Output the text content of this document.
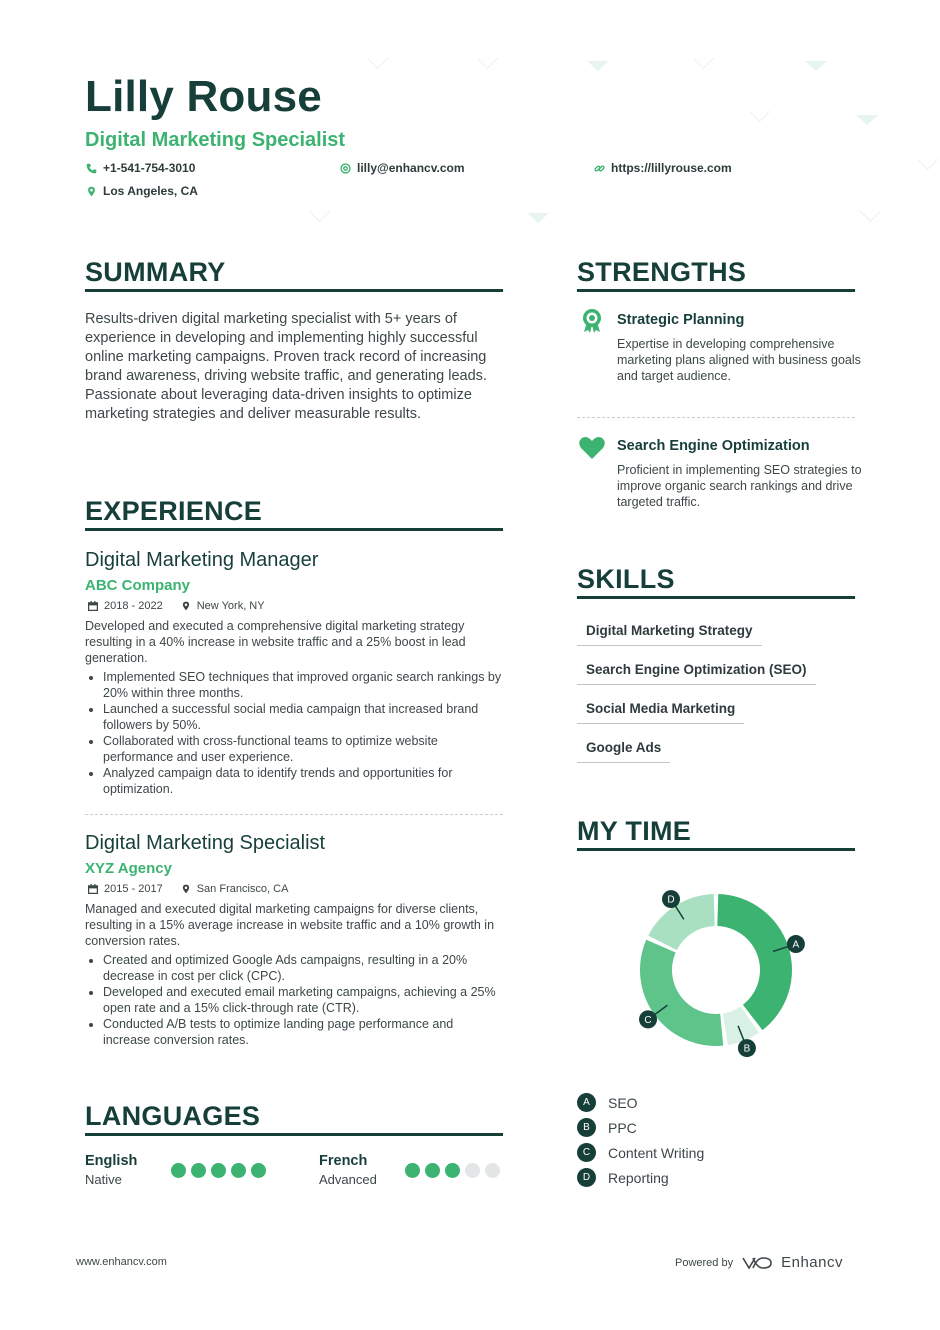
Lilly Rouse
Digital Marketing Specialist
+1-541-754-3010	lilly@enhancv.com	https://lillyrouse.com
Los Angeles, CA
SUMMARY
Results-driven digital marketing specialist with 5+ years of experience in developing and implementing highly successful online marketing campaigns. Proven track record of increasing brand awareness, driving website traffic, and generating leads. Passionate about leveraging data-driven insights to optimize marketing strategies and deliver measurable results.
EXPERIENCE
Digital Marketing Manager
ABC Company
2018 - 2022	New York, NY
Developed and executed a comprehensive digital marketing strategy resulting in a 40% increase in website traffic and a 25% boost in lead generation.
• Implemented SEO techniques that improved organic search rankings by 20% within three months.
• Launched a successful social media campaign that increased brand followers by 50%.
• Collaborated with cross-functional teams to optimize website performance and user experience.
• Analyzed campaign data to identify trends and opportunities for optimization.
Digital Marketing Specialist
XYZ Agency
2015 - 2017	San Francisco, CA
Managed and executed digital marketing campaigns for diverse clients, resulting in a 15% average increase in website traffic and a 10% growth in conversion rates.
• Created and optimized Google Ads campaigns, resulting in a 20% decrease in cost per click (CPC).
• Developed and executed email marketing campaigns, achieving a 25% open rate and a 15% click-through rate (CTR).
• Conducted A/B tests to optimize landing page performance and increase conversion rates.
LANGUAGES
English
Native
French
Advanced
STRENGTHS
Strategic Planning
Expertise in developing comprehensive marketing plans aligned with business goals and target audience.
Search Engine Optimization
Proficient in implementing SEO strategies to improve organic search rankings and drive targeted traffic.
SKILLS
Digital Marketing Strategy
Search Engine Optimization (SEO)
Social Media Marketing
Google Ads
MY TIME
A
B
C
D
A	SEO
B	PPC
C	Content Writing
D	Reporting
www.enhancv.com	Powered by	Enhancv
